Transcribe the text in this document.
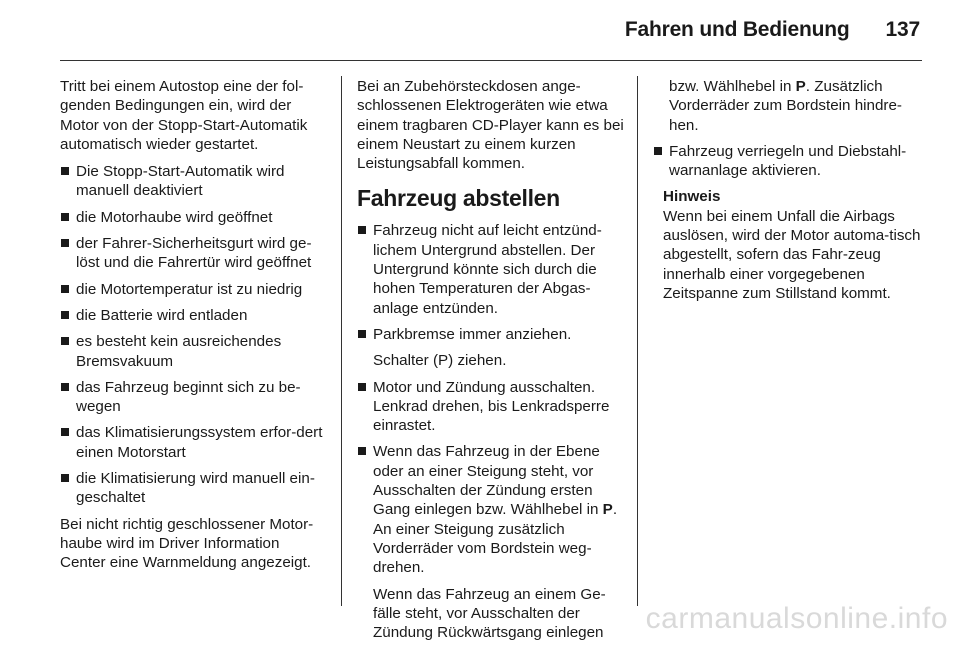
Fahren und Bedienung 137

Tritt bei einem Autostop eine der fol-genden Bedingungen ein, wird der Motor von der Stopp-Start-Automatik automatisch wieder gestartet.

Die Stopp-Start-Automatik wird manuell deaktiviert
die Motorhaube wird geöffnet
der Fahrer-Sicherheitsgurt wird ge-löst und die Fahrertür wird geöffnet
die Motortemperatur ist zu niedrig
die Batterie wird entladen
es besteht kein ausreichendes Bremsvakuum
das Fahrzeug beginnt sich zu be-wegen
das Klimatisierungssystem erfor-dert einen Motorstart
die Klimatisierung wird manuell ein-geschaltet

Bei nicht richtig geschlossener Motor-haube wird im Driver Information Center eine Warnmeldung angezeigt.

Bei an Zubehörsteckdosen ange-schlossenen Elektrogeräten wie etwa einem tragbaren CD-Player kann es bei einem Neustart zu einem kurzen Leistungsabfall kommen.

Fahrzeug abstellen
Fahrzeug nicht auf leicht entzünd-lichem Untergrund abstellen. Der Untergrund könnte sich durch die hohen Temperaturen der Abgas-anlage entzünden.
Parkbremse immer anziehen.
Schalter (P) ziehen.
Motor und Zündung ausschalten. Lenkrad drehen, bis Lenkradsperre einrastet.
Wenn das Fahrzeug in der Ebene oder an einer Steigung steht, vor Ausschalten der Zündung ersten Gang einlegen bzw. Wählhebel in P. An einer Steigung zusätzlich Vorderräder vom Bordstein weg-drehen.
Wenn das Fahrzeug an einem Ge-fälle steht, vor Ausschalten der Zündung Rückwärtsgang einlegen
bzw. Wählhebel in P. Zusätzlich Vorderräder zum Bordstein hindre-hen.
Fahrzeug verriegeln und Diebstahl-warnanlage aktivieren.
Hinweis
Wenn bei einem Unfall die Airbags auslösen, wird der Motor automa-tisch abgestellt, sofern das Fahr-zeug innerhalb einer vorgegebenen Zeitspanne zum Stillstand kommt.
carmanualsonline.info
